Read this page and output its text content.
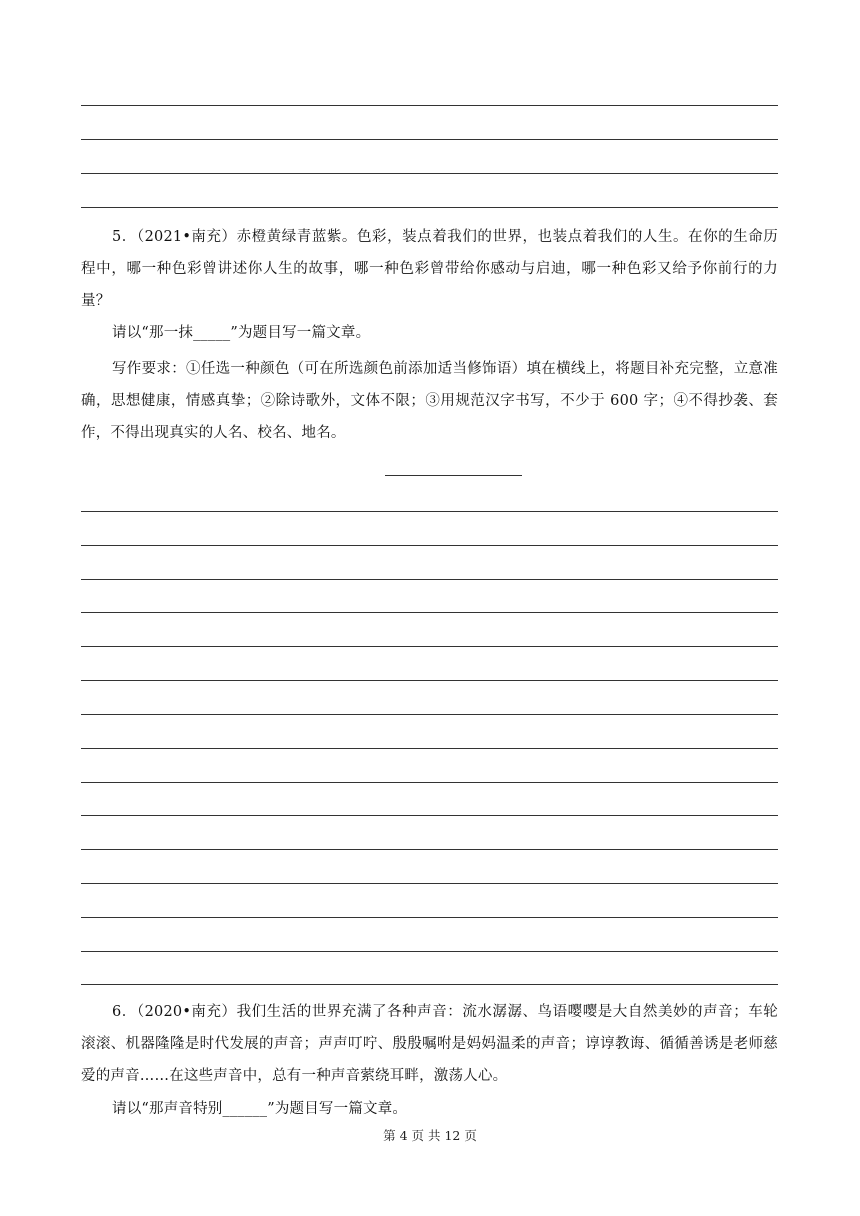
5．（2021•南充）赤橙黄绿青蓝紫。色彩，装点着我们的世界，也装点着我们的人生。在你的生命历程中，哪一种色彩曾讲述你人生的故事，哪一种色彩曾带给你感动与启迪，哪一种色彩又给予你前行的力量？

请以“那一抹_____”为题目写一篇文章。

写作要求：①任选一种颜色（可在所选颜色前添加适当修饰语）填在横线上，将题目补充完整，立意准确，思想健康，情感真挚；②除诗歌外，文体不限；③用规范汉字书写，不少于 600 字；④不得抄袭、套作，不得出现真实的人名、校名、地名。

6．（2020•南充）我们生活的世界充满了各种声音：流水潺潺、鸟语嘤嘤是大自然美妙的声音；车轮滚滚、机器隆隆是时代发展的声音；声声叮咛、殷殷嘱咐是妈妈温柔的声音；谆谆教诲、循循善诱是老师慈爱的声音……在这些声音中，总有一种声音萦绕耳畔，激荡人心。

请以“那声音特别______”为题目写一篇文章。

第 4 页 共 12 页
